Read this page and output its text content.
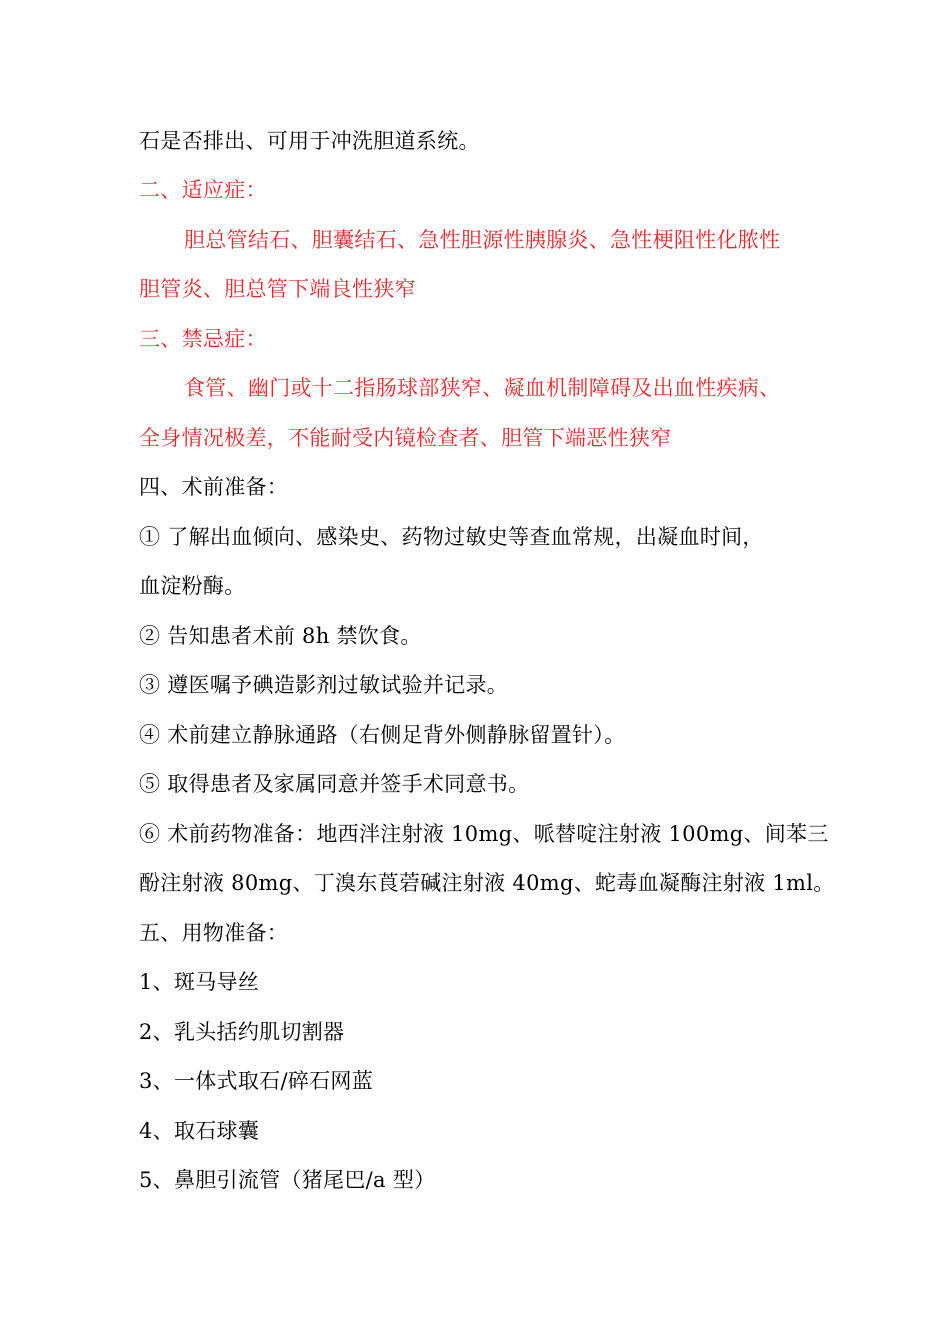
石是否排出、可用于冲洗胆道系统。
二、适应症：
胆总管结石、胆囊结石、急性胆源性胰腺炎、急性梗阻性化脓性
胆管炎、胆总管下端良性狭窄
三、禁忌症：
食管、幽门或十二指肠球部狭窄、凝血机制障碍及出血性疾病、
全身情况极差，不能耐受内镜检查者、胆管下端恶性狭窄
四、术前准备：
① 了解出血倾向、感染史、药物过敏史等查血常规，出凝血时间，
血淀粉酶。
② 告知患者术前 8h 禁饮食。
③ 遵医嘱予碘造影剂过敏试验并记录。
④ 术前建立静脉通路（右侧足背外侧静脉留置针）。
⑤ 取得患者及家属同意并签手术同意书。
⑥ 术前药物准备：地西泮注射液 10mg、哌替啶注射液 100mg、间苯三
酚注射液 80mg、丁溴东莨菪碱注射液 40mg、蛇毒血凝酶注射液 1ml。
五、用物准备：
1、斑马导丝
2、乳头括约肌切割器
3、一体式取石/碎石网蓝
4、取石球囊
5、鼻胆引流管（猪尾巴/a 型）
